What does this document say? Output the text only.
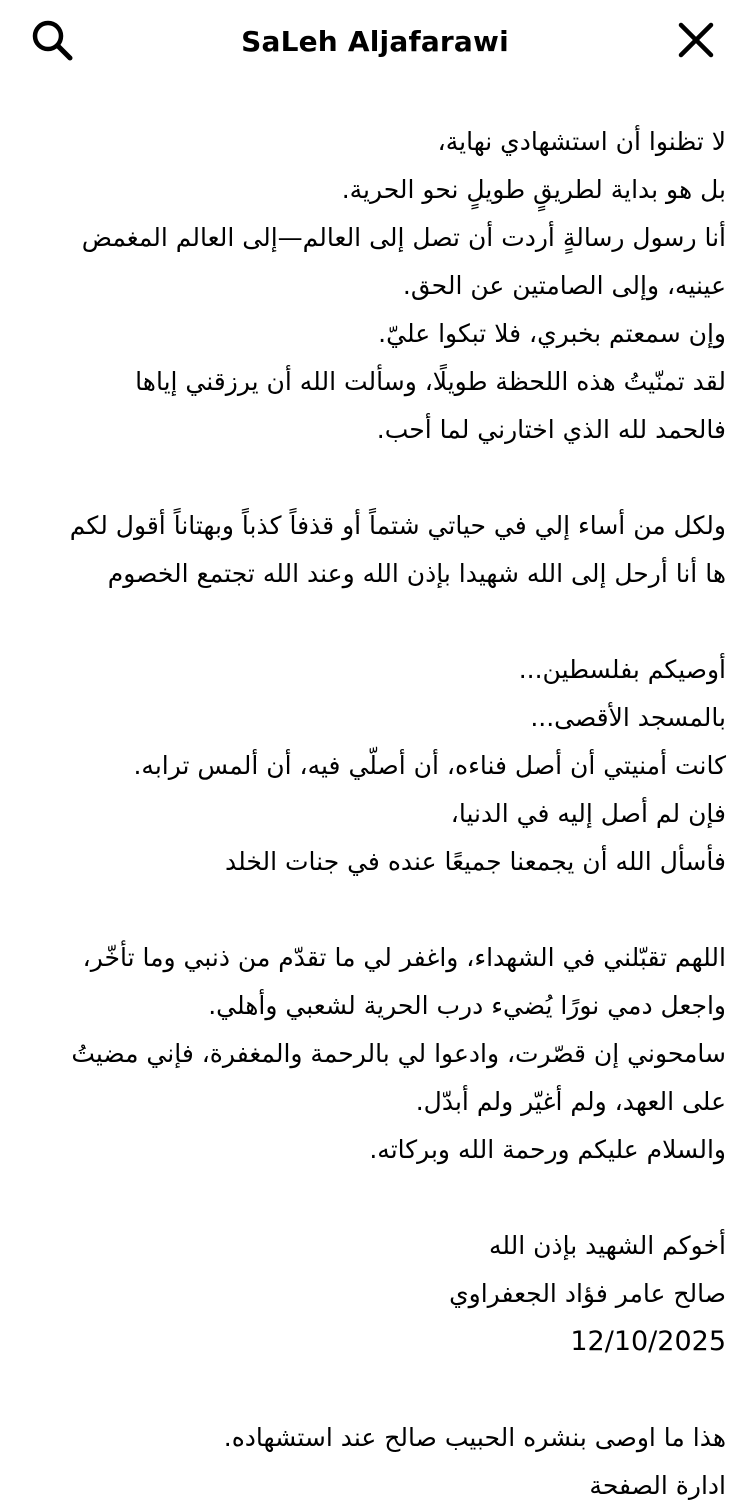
SaLeh Aljafarawi
لا تظنوا أن استشهادي نهاية،
بل هو بداية لطريقٍ طويلٍ نحو الحرية.
أنا رسول رسالةٍ أردت أن تصل إلى العالم—إلى العالم المغمض
عينيه، وإلى الصامتين عن الحق.
وإن سمعتم بخبري، فلا تبكوا عليّ.
لقد تمنّيتُ هذه اللحظة طويلًا، وسألت الله أن يرزقني إياها
فالحمد لله الذي اختارني لما أحب.
ولكل من أساء إلي في حياتي شتماً أو قذفاً كذباً وبهتاناً أقول لكم
ها أنا أرحل إلى الله شهيدا بإذن الله وعند الله تجتمع الخصوم
أوصيكم بفلسطين...
بالمسجد الأقصى...
كانت أمنيتي أن أصل فناءه، أن أصلّي فيه، أن ألمس ترابه.
فإن لم أصل إليه في الدنيا،
فأسأل الله أن يجمعنا جميعًا عنده في جنات الخلد
اللهم تقبّلني في الشهداء، واغفر لي ما تقدّم من ذنبي وما تأخّر،
واجعل دمي نورًا يُضيء درب الحرية لشعبي وأهلي.
سامحوني إن قصّرت، وادعوا لي بالرحمة والمغفرة، فإني مضيتُ
على العهد، ولم أغيّر ولم أبدّل.
والسلام عليكم ورحمة الله وبركاته.
أخوكم الشهيد بإذن الله
صالح عامر فؤاد الجعفراوي
12/10/2025
هذا ما اوصى بنشره الحبيب صالح عند استشهاده.
ادارة الصفحة
